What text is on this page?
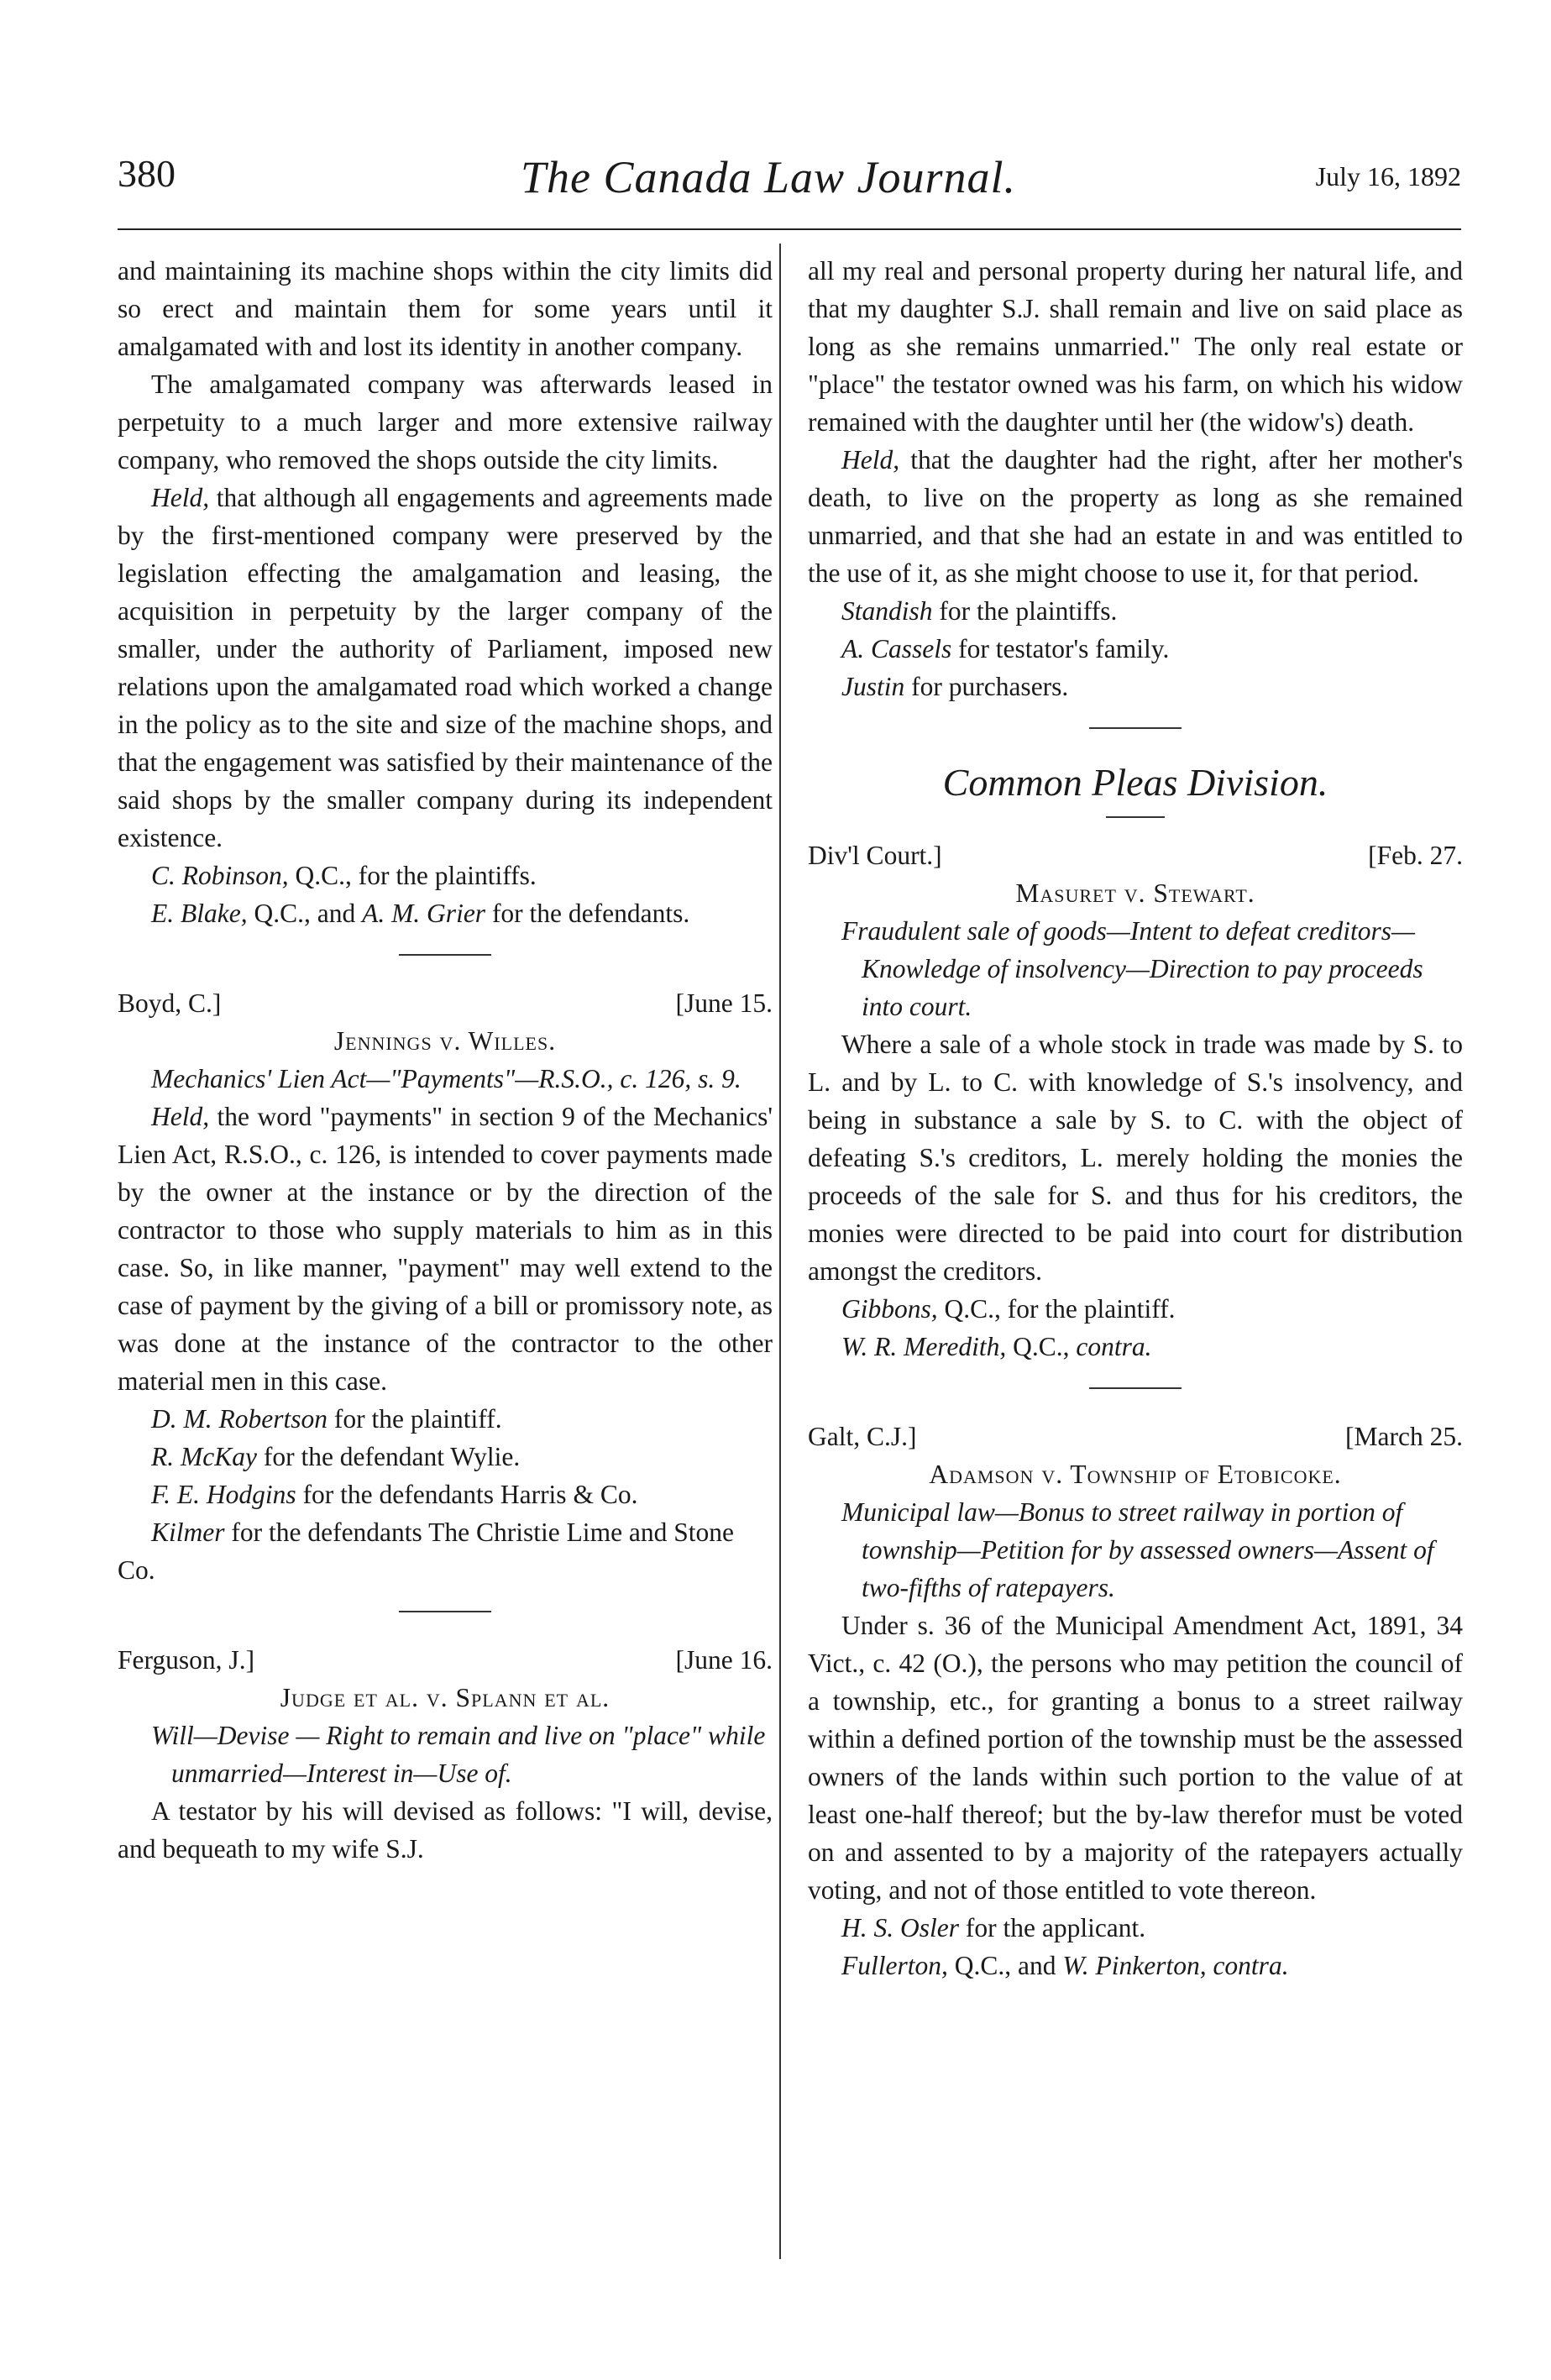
380	The Canada Law Journal.	July 16, 1892

and maintaining its machine shops within the city limits did so erect and maintain them for some years until it amalgamated with and lost its identity in another company.

The amalgamated company was afterwards leased in perpetuity to a much larger and more extensive railway company, who removed the shops outside the city limits.

Held, that although all engagements and agreements made by the first-mentioned company were preserved by the legislation effecting the amalgamation and leasing, the acquisition in perpetuity by the larger company of the smaller, under the authority of Parliament, imposed new relations upon the amalgamated road which worked a change in the policy as to the site and size of the machine shops, and that the engagement was satisfied by their maintenance of the said shops by the smaller company during its independent existence.

C. Robinson, Q.C., for the plaintiffs.

E. Blake, Q.C., and A. M. Grier for the defendants.

Boyd, C.]	[June 15.
Jennings v. Willes.

Mechanics' Lien Act—"Payments"—R.S.O., c. 126, s. 9.

Held, the word "payments" in section 9 of the Mechanics' Lien Act, R.S.O., c. 126, is intended to cover payments made by the owner at the instance or by the direction of the contractor to those who supply materials to him as in this case. So, in like manner, "payment" may well extend to the case of payment by the giving of a bill or promissory note, as was done at the instance of the contractor to the other material men in this case.

D. M. Robertson for the plaintiff.

R. McKay for the defendant Wylie.

F. E. Hodgins for the defendants Harris & Co.

Kilmer for the defendants The Christie Lime and Stone Co.

Ferguson, J.]	[June 16.
Judge et al. v. Splann et al.

Will—Devise — Right to remain and live on "place" while unmarried—Interest in—Use of.

A testator by his will devised as follows: "I will, devise, and bequeath to my wife S.J.

all my real and personal property during her natural life, and that my daughter S.J. shall remain and live on said place as long as she remains unmarried." The only real estate or "place" the testator owned was his farm, on which his widow remained with the daughter until her (the widow's) death.

Held, that the daughter had the right, after her mother's death, to live on the property as long as she remained unmarried, and that she had an estate in and was entitled to the use of it, as she might choose to use it, for that period.

Standish for the plaintiffs.

A. Cassels for testator's family.

Justin for purchasers.

Common Pleas Division.
Div'l Court.]	[Feb. 27.
Masuret v. Stewart.

Fraudulent sale of goods—Intent to defeat creditors—Knowledge of insolvency—Direction to pay proceeds into court.

Where a sale of a whole stock in trade was made by S. to L. and by L. to C. with knowledge of S.'s insolvency, and being in substance a sale by S. to C. with the object of defeating S.'s creditors, L. merely holding the monies the proceeds of the sale for S. and thus for his creditors, the monies were directed to be paid into court for distribution amongst the creditors.

Gibbons, Q.C., for the plaintiff.

W. R. Meredith, Q.C., contra.

Galt, C.J.]	[March 25.
Adamson v. Township of Etobicoke.

Municipal law—Bonus to street railway in portion of township—Petition for by assessed owners—Assent of two-fifths of ratepayers.

Under s. 36 of the Municipal Amendment Act, 1891, 34 Vict., c. 42 (O.), the persons who may petition the council of a township, etc., for granting a bonus to a street railway within a defined portion of the township must be the assessed owners of the lands within such portion to the value of at least one-half thereof; but the by-law therefor must be voted on and assented to by a majority of the ratepayers actually voting, and not of those entitled to vote thereon.

H. S. Osler for the applicant.

Fullerton, Q.C., and W. Pinkerton, contra.
